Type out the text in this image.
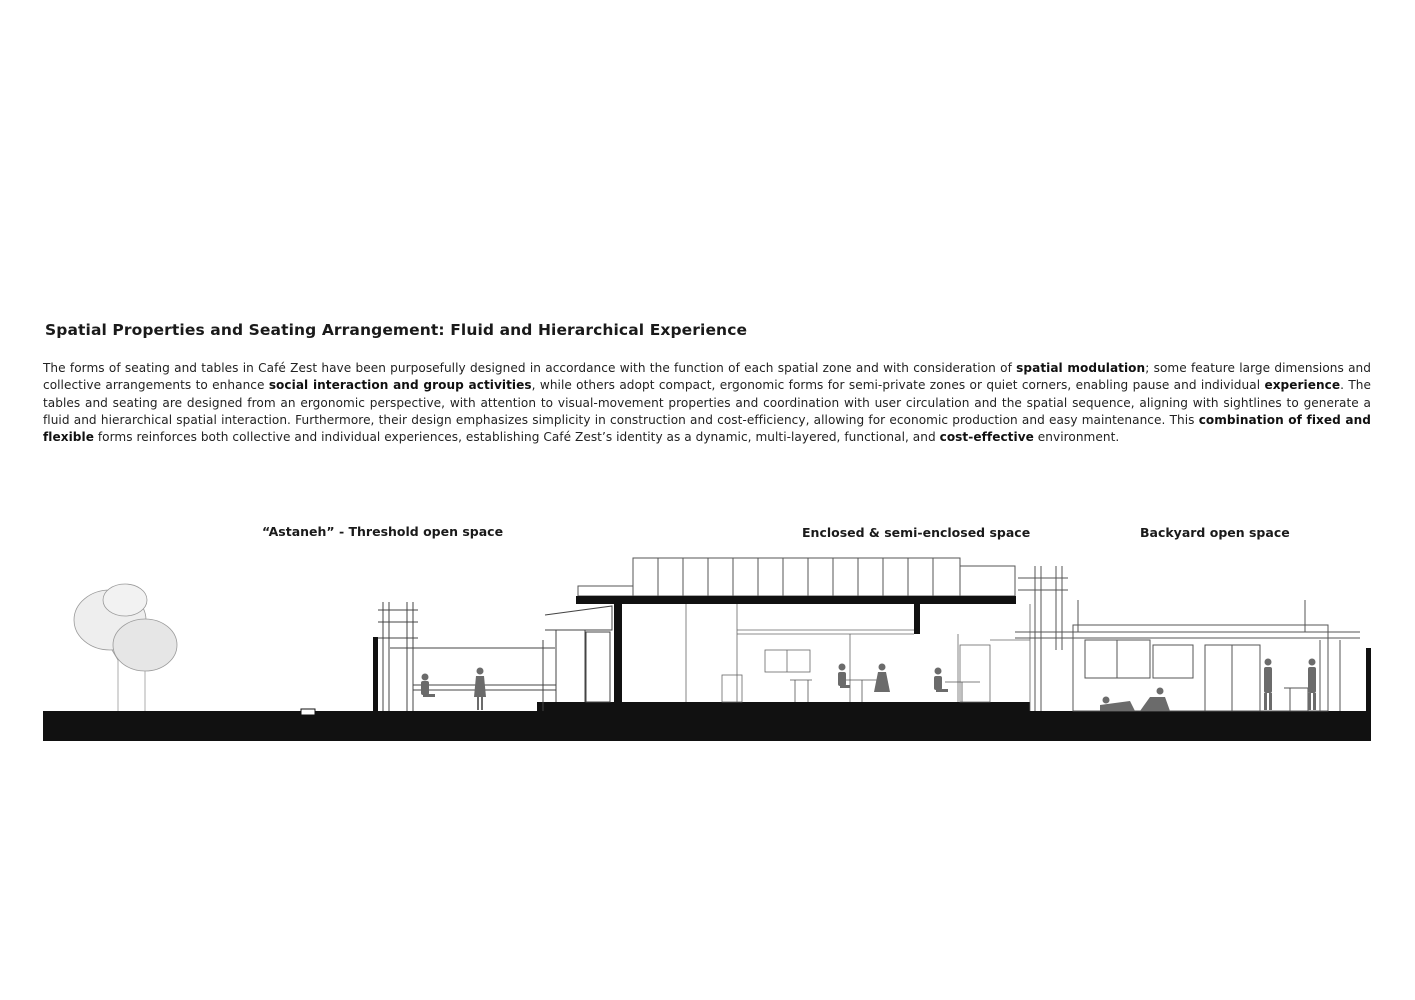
Spatial Properties and Seating Arrangement: Fluid and Hierarchical Experience

The forms of seating and tables in Café Zest have been purposefully designed in accordance with the function of each spatial zone and with consideration of spatial modulation; some feature large dimensions and collective arrangements to enhance social interaction and group activities, while others adopt compact, ergonomic forms for semi-private zones or quiet corners, enabling pause and individual experience. The tables and seating are designed from an ergonomic perspective, with attention to visual-movement properties and coordination with user circulation and the spatial sequence, aligning with sightlines to generate a fluid and hierarchical spatial interaction. Furthermore, their design emphasizes simplicity in construction and cost-efficiency, allowing for economic production and easy maintenance. This combination of fixed and flexible forms reinforces both collective and individual experiences, establishing Café Zest’s identity as a dynamic, multi-layered, functional, and cost-effective environment.

“Astaneh” - Threshold open space	Enclosed & semi-enclosed space	Backyard open space
